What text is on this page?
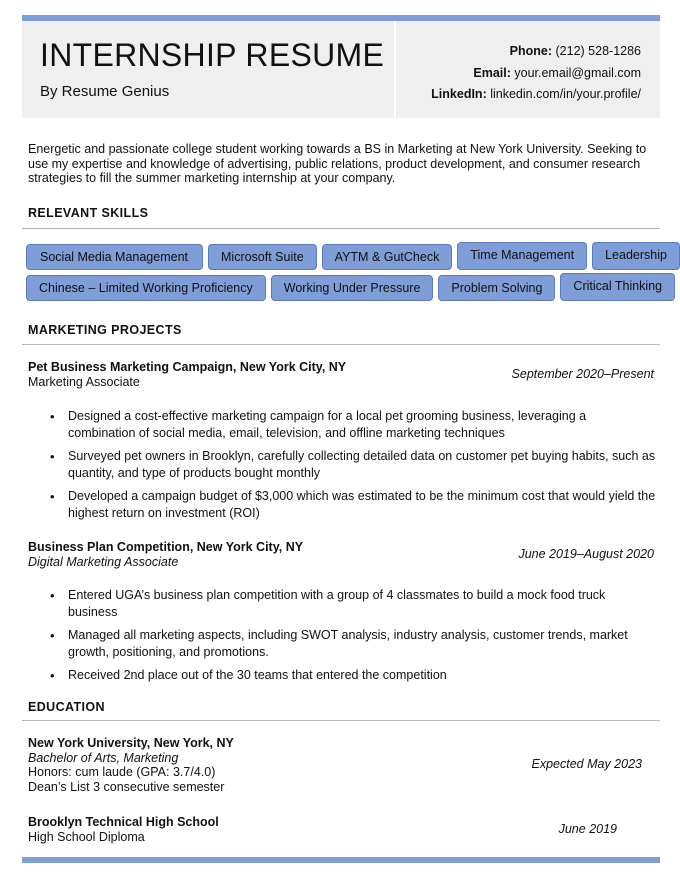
INTERNSHIP RESUME
By Resume Genius
Phone: (212) 528-1286
Email: your.email@gmail.com
LinkedIn: linkedin.com/in/your.profile/
Energetic and passionate college student working towards a BS in Marketing at New York University. Seeking to use my expertise and knowledge of advertising, public relations, product development, and consumer research strategies to fill the summer marketing internship at your company.
RELEVANT SKILLS
Social Media Management	Microsoft Suite	AYTM & GutCheck	Time Management	Leadership
Chinese – Limited Working Proficiency	Working Under Pressure	Problem Solving	Critical Thinking
MARKETING PROJECTS
Pet Business Marketing Campaign, New York City, NY
Marketing Associate
September 2020–Present
• Designed a cost-effective marketing campaign for a local pet grooming business, leveraging a combination of social media, email, television, and offline marketing techniques
• Surveyed pet owners in Brooklyn, carefully collecting detailed data on customer pet buying habits, such as quantity, and type of products bought monthly
• Developed a campaign budget of $3,000 which was estimated to be the minimum cost that would yield the highest return on investment (ROI)
Business Plan Competition, New York City, NY
Digital Marketing Associate
June 2019–August 2020
• Entered UGA’s business plan competition with a group of 4 classmates to build a mock food truck business
• Managed all marketing aspects, including SWOT analysis, industry analysis, customer trends, market growth, positioning, and promotions.
• Received 2nd place out of the 30 teams that entered the competition
EDUCATION
New York University, New York, NY
Bachelor of Arts, Marketing
Honors: cum laude (GPA: 3.7/4.0)
Dean’s List 3 consecutive semester
Expected May 2023
Brooklyn Technical High School
High School Diploma
June 2019
